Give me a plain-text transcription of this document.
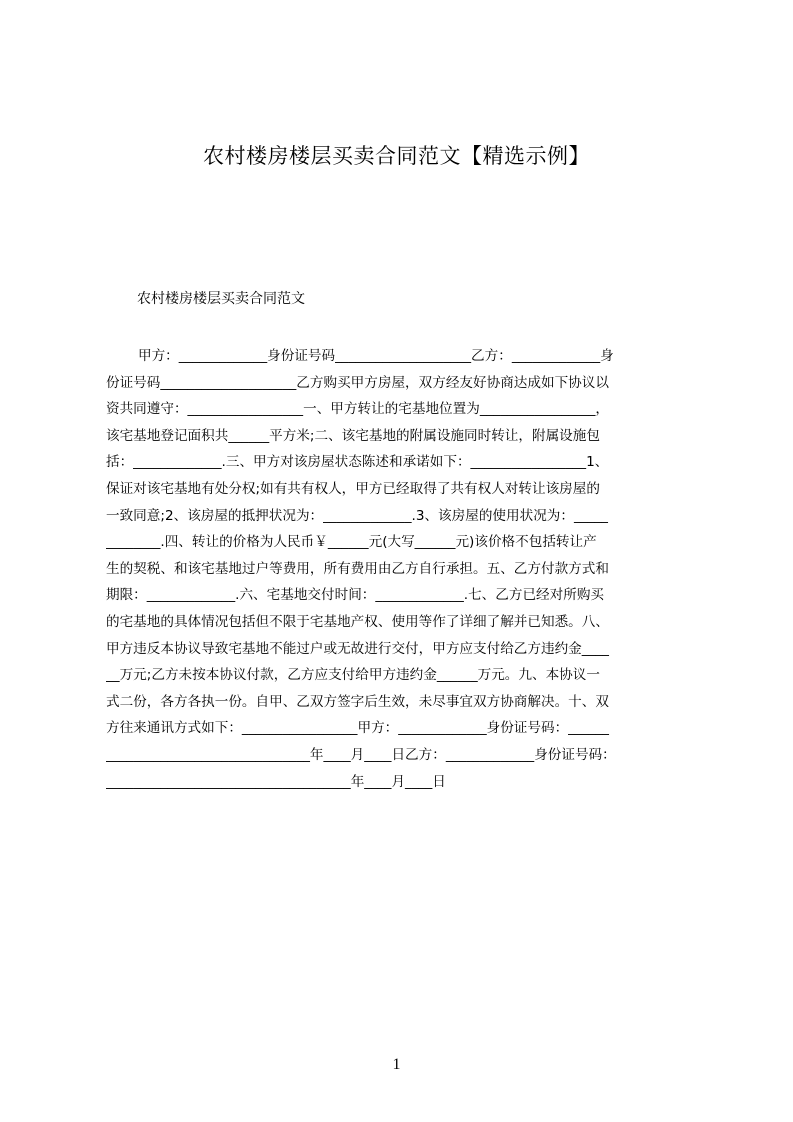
农村楼房楼层买卖合同范文【精选示例】
农村楼房楼层买卖合同范文
甲方：_____________身份证号码____________________乙方：_____________身
份证号码____________________乙方购买甲方房屋，双方经友好协商达成如下协议以
资共同遵守：_________________一、甲方转让的宅基地位置为_________________，
该宅基地登记面积共______平方米;二、该宅基地的附属设施同时转让，附属设施包
括：_____________.三、甲方对该房屋状态陈述和承诺如下：_________________1、
保证对该宅基地有处分权;如有共有权人，甲方已经取得了共有权人对转让该房屋的
一致同意;2、该房屋的抵押状况为：_____________.3、该房屋的使用状况为：_____
________.四、转让的价格为人民币￥______元(大写______元)该价格不包括转让产
生的契税、和该宅基地过户等费用，所有费用由乙方自行承担。五、乙方付款方式和
期限：_____________.六、宅基地交付时间：_____________.七、乙方已经对所购买
的宅基地的具体情况包括但不限于宅基地产权、使用等作了详细了解并已知悉。八、
甲方违反本协议导致宅基地不能过户或无故进行交付，甲方应支付给乙方违约金____
__万元;乙方未按本协议付款，乙方应支付给甲方违约金______万元。九、本协议一
式二份，各方各执一份。自甲、乙双方签字后生效，未尽事宜双方协商解决。十、双
方往来通讯方式如下：_________________甲方：_____________身份证号码：______
______________________________年____月____日乙方：_____________身份证号码：
____________________________________年____月____日
1
